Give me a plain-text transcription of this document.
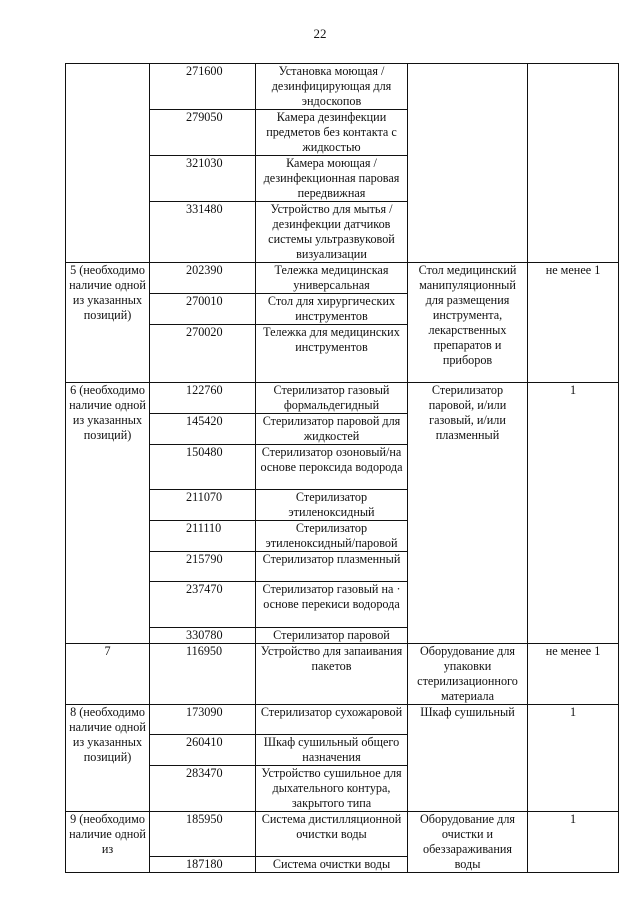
22
	271600	Установка моющая /дезинфицирующая для эндоскопов		
	279050	Камера дезинфекции предметов без контакта с жидкостью		
	321030	Камера моющая /дезинфекционная паровая передвижная		
	331480	Устройство для мытья /дезинфекции датчиков системы ультразвуковой визуализации		
5 (необходимо наличие одной из указанных позиций)	202390	Тележка медицинская универсальная	Стол медицинский манипуляционный для размещения инструмента, лекарственных препаратов и приборов	не менее 1
	270010	Стол для хирургических инструментов		
	270020	Тележка для медицинских инструментов		
6 (необходимо наличие одной из указанных позиций)	122760	Стерилизатор газовый формальдегидный	Стерилизатор паровой, и/или газовый, и/или плазменный	1
	145420	Стерилизатор паровой для жидкостей		
	150480	Стерилизатор озоновый/на основе пероксида водорода		
	211070	Стерилизатор этиленоксидный		
	211110	Стерилизатор этиленоксидный/паровой		
	215790	Стерилизатор плазменный		
	237470	Стерилизатор газовый на · основе перекиси водорода		
	330780	Стерилизатор паровой		
7	116950	Устройство для запаивания пакетов	Оборудование для упаковки стерилизационного материала	не менее 1
8 (необходимо наличие одной из указанных позиций)	173090	Стерилизатор сухожаровой	Шкаф сушильный	1
	260410	Шкаф сушильный общего назначения		
	283470	Устройство сушильное для дыхательного контура, закрытого типа		
9 (необходимо наличие одной из	185950	Система дистилляционной очистки воды	Оборудование для очистки и обеззараживания воды	1
	187180	Система очистки воды		
